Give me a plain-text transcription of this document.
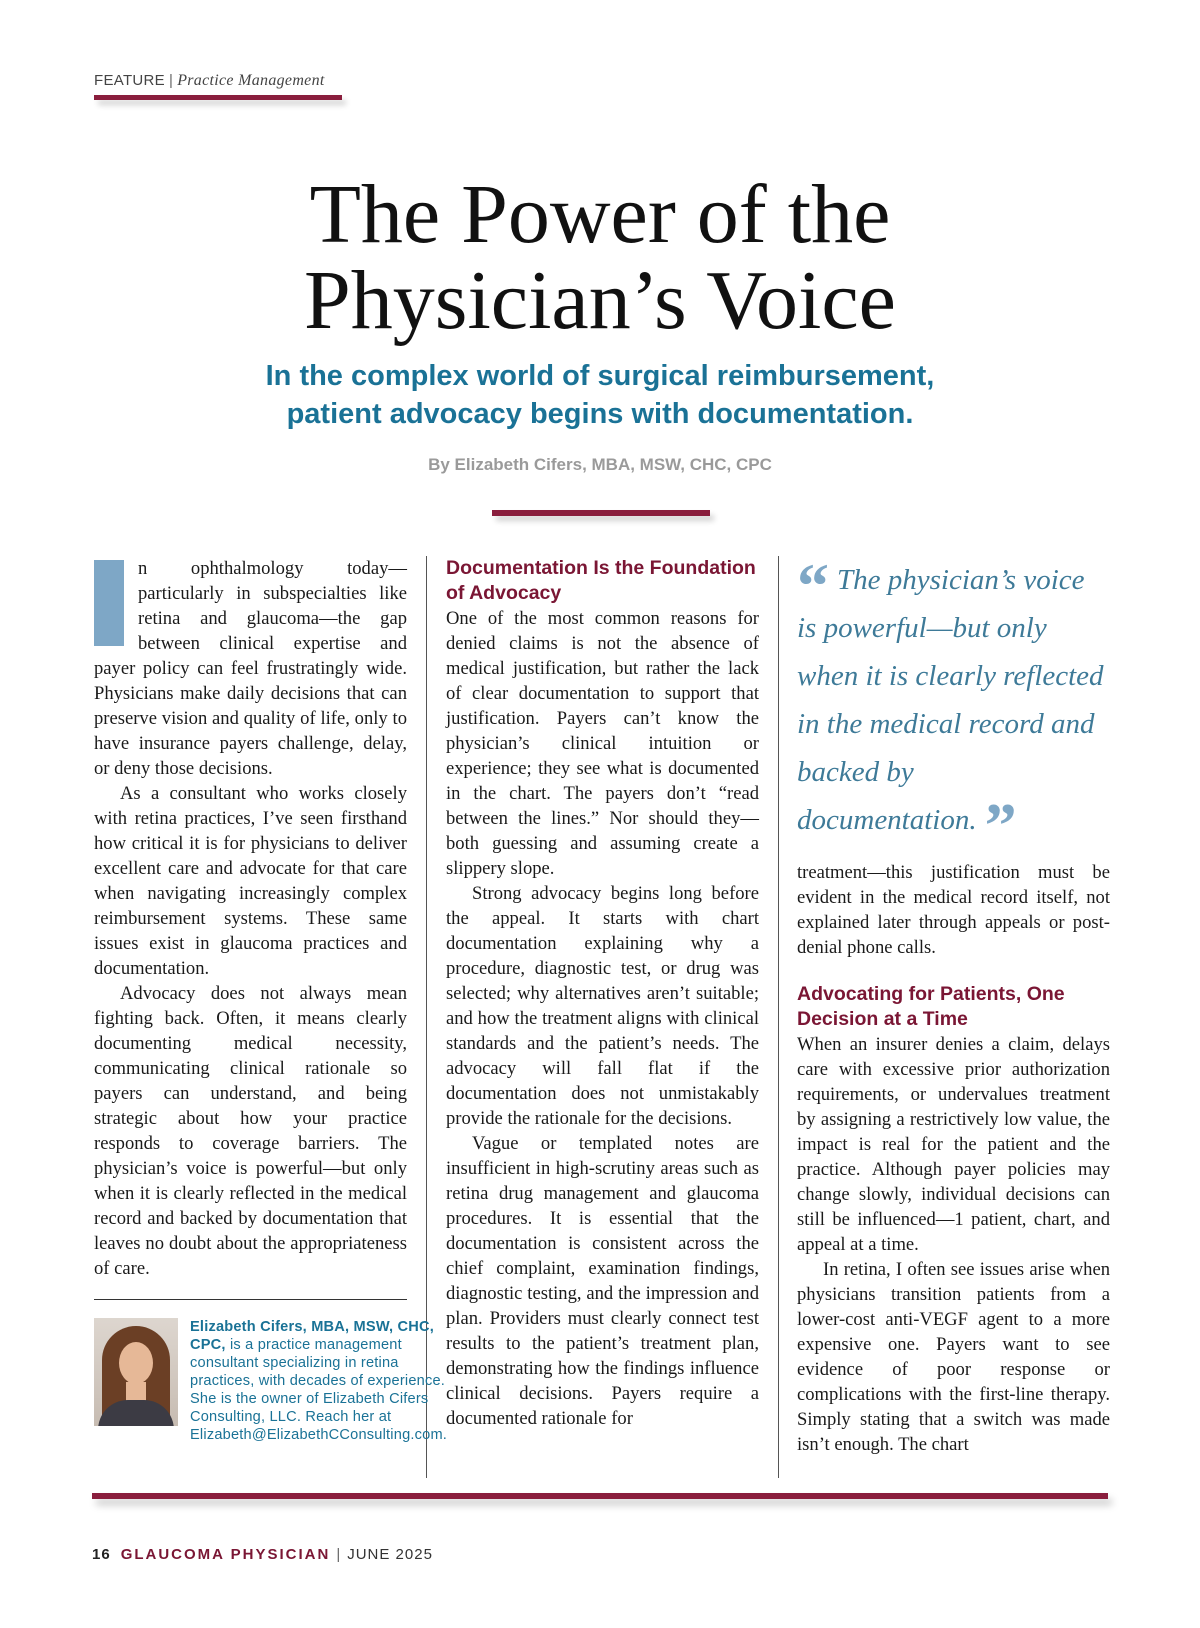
FEATURE | Practice Management
The Power of the
Physician’s Voice
In the complex world of surgical reimbursement,
patient advocacy begins with documentation.
By Elizabeth Cifers, MBA, MSW, CHC, CPC

n ophthalmology today—particularly in subspecialties like retina and glaucoma—the gap between clinical expertise and payer policy can feel frustratingly wide. Physicians make daily decisions that can preserve vision and quality of life, only to have insurance payers challenge, delay, or deny those decisions.

As a consultant who works closely with retina practices, I’ve seen firsthand how critical it is for physicians to deliver excellent care and advocate for that care when navigating increasingly complex reimbursement systems. These same issues exist in glaucoma practices and documentation.

Advocacy does not always mean fighting back. Often, it means clearly documenting medical necessity, communicating clinical rationale so payers can understand, and being strategic about how your practice responds to coverage barriers. The physician’s voice is powerful—but only when it is clearly reflected in the medical record and backed by documentation that leaves no doubt about the appropriateness of care.

Elizabeth Cifers, MBA, MSW, CHC, CPC, is a practice management consultant specializing in retina practices, with decades of experience. She is the owner of Elizabeth Cifers Consulting, LLC. Reach her at Elizabeth@ElizabethCConsulting.com.
Documentation Is the Foundation of Advocacy

One of the most common reasons for denied claims is not the absence of medical justification, but rather the lack of clear documentation to support that justification. Payers can’t know the physician’s clinical intuition or experience; they see what is documented in the chart. The payers don’t “read between the lines.” Nor should they—both guessing and assuming create a slippery slope.

Strong advocacy begins long before the appeal. It starts with chart documentation explaining why a procedure, diagnostic test, or drug was selected; why alternatives aren’t suitable; and how the treatment aligns with clinical standards and the patient’s needs. The advocacy will fall flat if the documentation does not unmistakably provide the rationale for the decisions.

Vague or templated notes are insufficient in high-scrutiny areas such as retina drug management and glaucoma procedures. It is essential that the documentation is consistent across the chief complaint, examination findings, diagnostic testing, and the impression and plan. Providers must clearly connect test results to the patient’s treatment plan, demonstrating how the findings influence clinical decisions. Payers require a documented rationale for

“ The physician’s voice is powerful—but only when it is clearly reflected in the medical record and backed by documentation. ”

treatment—this justification must be evident in the medical record itself, not explained later through appeals or post-denial phone calls.

Advocating for Patients, One Decision at a Time

When an insurer denies a claim, delays care with excessive prior authorization requirements, or undervalues treatment by assigning a restrictively low value, the impact is real for the patient and the practice. Although payer policies may change slowly, individual decisions can still be influenced—1 patient, chart, and appeal at a time.

In retina, I often see issues arise when physicians transition patients from a lower-cost anti-VEGF agent to a more expensive one. Payers want to see evidence of poor response or complications with the first-line therapy. Simply stating that a switch was made isn’t enough. The chart

16 GLAUCOMA PHYSICIAN | JUNE 2025
